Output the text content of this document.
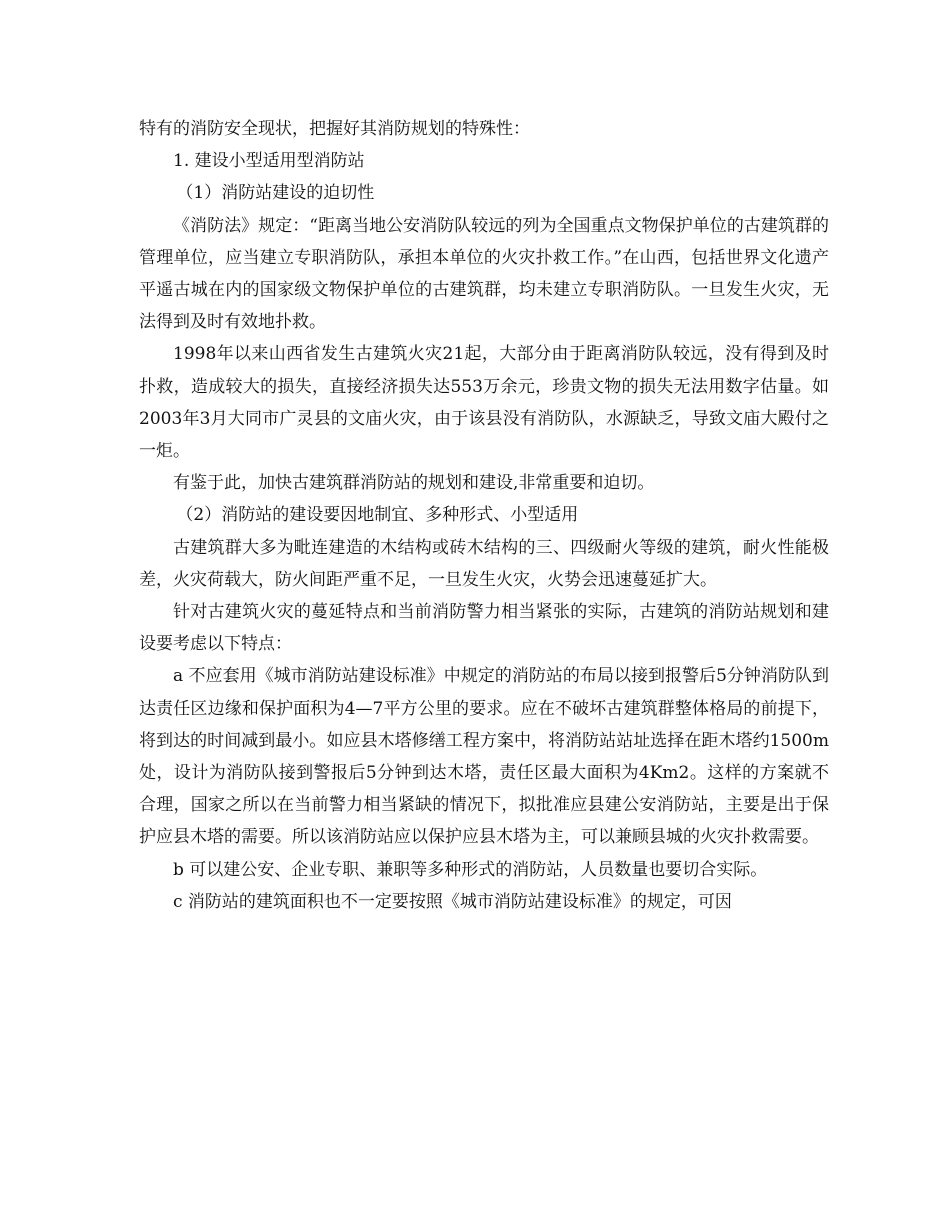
特有的消防安全现状，把握好其消防规划的特殊性：

1. 建设小型适用型消防站

（1）消防站建设的迫切性

《消防法》规定：“距离当地公安消防队较远的列为全国重点文物保护单位的古建筑群的管理单位，应当建立专职消防队，承担本单位的火灾扑救工作。”在山西，包括世界文化遗产平遥古城在内的国家级文物保护单位的古建筑群，均未建立专职消防队。一旦发生火灾，无法得到及时有效地扑救。

1998年以来山西省发生古建筑火灾21起，大部分由于距离消防队较远，没有得到及时扑救，造成较大的损失，直接经济损失达553万余元，珍贵文物的损失无法用数字估量。如2003年3月大同市广灵县的文庙火灾，由于该县没有消防队，水源缺乏，导致文庙大殿付之一炬。

有鉴于此，加快古建筑群消防站的规划和建设,非常重要和迫切。

（2）消防站的建设要因地制宜、多种形式、小型适用

古建筑群大多为毗连建造的木结构或砖木结构的三、四级耐火等级的建筑，耐火性能极差，火灾荷载大，防火间距严重不足，一旦发生火灾，火势会迅速蔓延扩大。

针对古建筑火灾的蔓延特点和当前消防警力相当紧张的实际，古建筑的消防站规划和建设要考虑以下特点：

a 不应套用《城市消防站建设标准》中规定的消防站的布局以接到报警后5分钟消防队到达责任区边缘和保护面积为4—7平方公里的要求。应在不破坏古建筑群整体格局的前提下，将到达的时间减到最小。如应县木塔修缮工程方案中，将消防站站址选择在距木塔约1500m处，设计为消防队接到警报后5分钟到达木塔，责任区最大面积为4Km2。这样的方案就不合理，国家之所以在当前警力相当紧缺的情况下，拟批准应县建公安消防站，主要是出于保护应县木塔的需要。所以该消防站应以保护应县木塔为主，可以兼顾县城的火灾扑救需要。

b 可以建公安、企业专职、兼职等多种形式的消防站，人员数量也要切合实际。

c 消防站的建筑面积也不一定要按照《城市消防站建设标准》的规定，可因
